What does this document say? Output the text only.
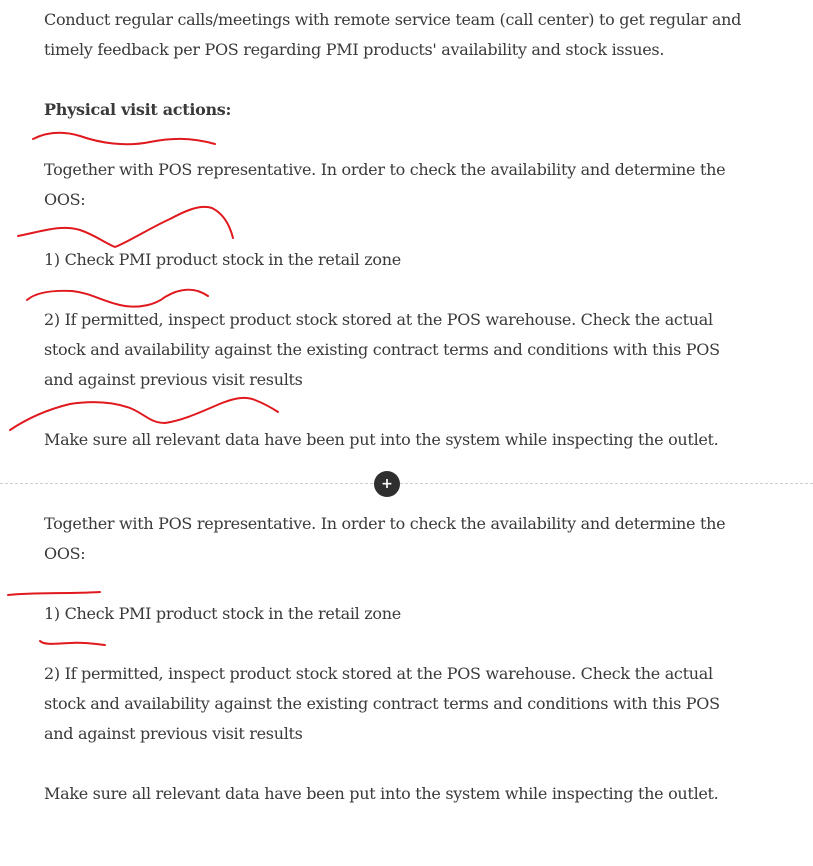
Conduct regular calls/meetings with remote service team (call center) to get regular and timely feedback per POS regarding PMI products' availability and stock issues.

Physical visit actions:

Together with POS representative. In order to check the availability and determine the OOS:

1) Check PMI product stock in the retail zone

2) If permitted, inspect product stock stored at the POS warehouse. Check the actual stock and availability against the existing contract terms and conditions with this POS and against previous visit results

Make sure all relevant data have been put into the system while inspecting the outlet.

+

Together with POS representative. In order to check the availability and determine the OOS:

1) Check PMI product stock in the retail zone

2) If permitted, inspect product stock stored at the POS warehouse. Check the actual stock and availability against the existing contract terms and conditions with this POS and against previous visit results

Make sure all relevant data have been put into the system while inspecting the outlet.
